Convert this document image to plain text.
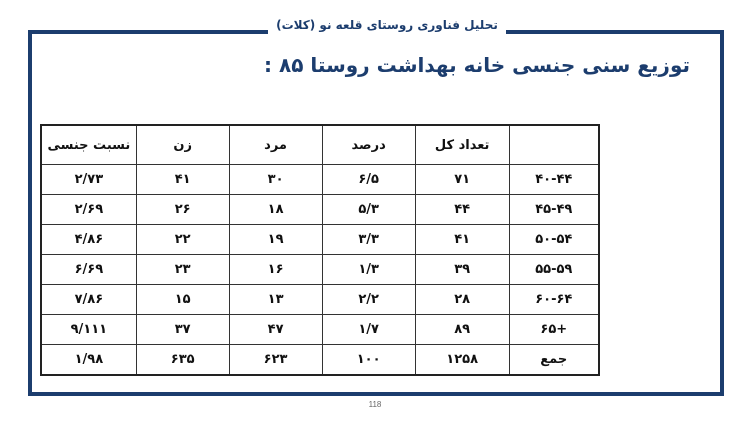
تحلیل فناوری روستای قلعه نو (کلات)
توزیع سنی جنسی خانه بهداشت روستا ۸۵ :
	تعداد کل	درصد	مرد	زن	نسبت جنسی
۴۰-۴۴	۷۱	۶/۵	۳۰	۴۱	۲/۷۳
۴۵-۴۹	۴۴	۵/۳	۱۸	۲۶	۲/۶۹
۵۰-۵۴	۴۱	۳/۳	۱۹	۲۲	۴/۸۶
۵۵-۵۹	۳۹	۱/۳	۱۶	۲۳	۶/۶۹
۶۰-۶۴	۲۸	۲/۲	۱۳	۱۵	۷/۸۶
+۶۵	۸۹	۱/۷	۴۷	۳۷	۹/۱۱۱
جمع	۱۲۵۸	۱۰۰	۶۲۳	۶۳۵	۱/۹۸
118
